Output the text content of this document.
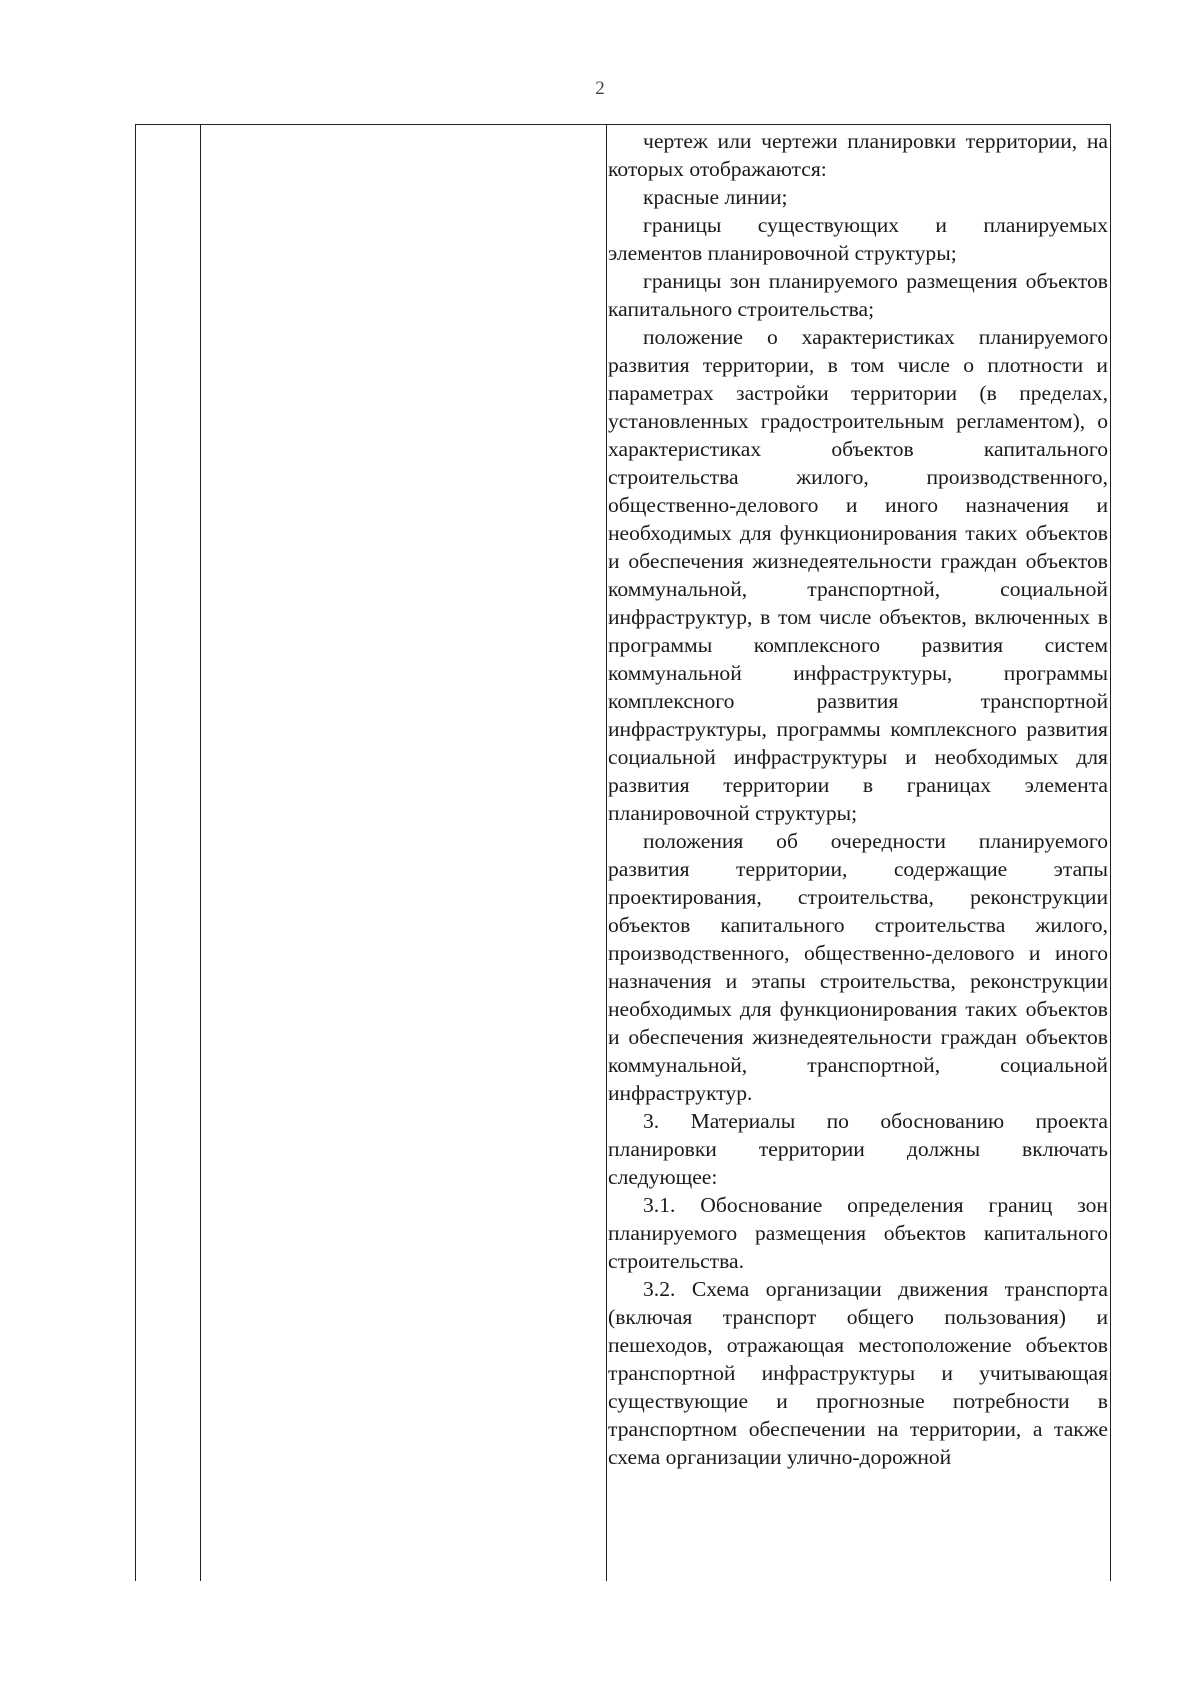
2

чертеж или чертежи планировки территории, на которых отображаются:

красные линии;

границы существующих и планируемых элементов планировочной структуры;

границы зон планируемого размещения объектов капитального строительства;

положение о характеристиках планируемого развития территории, в том числе о плотности и параметрах застройки территории (в пределах, установленных градостроительным регламентом), о характеристиках объектов капитального строительства жилого, производственного, общественно-делового и иного назначения и необходимых для функционирования таких объектов и обеспечения жизнедеятельности граждан объектов коммунальной, транспортной, социальной инфраструктур, в том числе объектов, включенных в программы комплексного развития систем коммунальной инфраструктуры, программы комплексного развития транспортной инфраструктуры, программы комплексного развития социальной инфраструктуры и необходимых для развития территории в границах элемента планировочной структуры;

положения об очередности планируемого развития территории, содержащие этапы проектирования, строительства, реконструкции объектов капитального строительства жилого, производственного, общественно-делового и иного назначения и этапы строительства, реконструкции необходимых для функционирования таких объектов и обеспечения жизнедеятельности граждан объектов коммунальной, транспортной, социальной инфраструктур.

3. Материалы по обоснованию проекта планировки территории должны включать следующее:

3.1. Обоснование определения границ зон планируемого размещения объектов капитального строительства.

3.2. Схема организации движения транспорта (включая транспорт общего пользования) и пешеходов, отражающая местоположение объектов транспортной инфраструктуры и учитывающая существующие и прогнозные потребности в транспортном обеспечении на территории, а также схема организации улично-дорожной
